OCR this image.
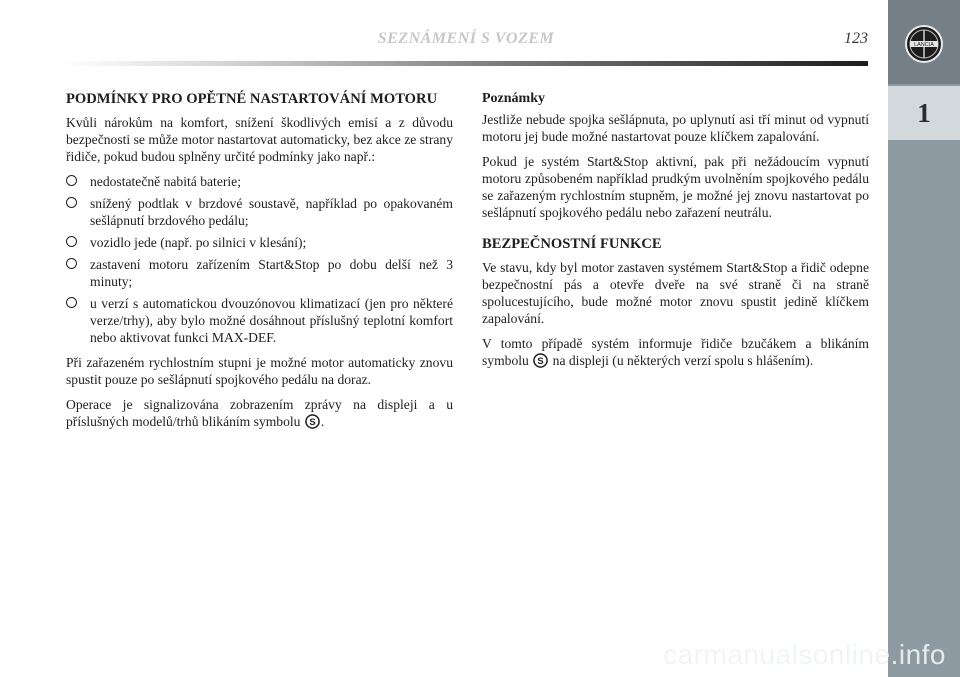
SEZNÁMENÍ S VOZEM	123	LANCIA
1
PODMÍNKY PRO OPĚTNÉ NASTARTOVÁNÍ MOTORU

Kvůli nárokům na komfort, snížení škodlivých emisí a z důvodu bezpečnosti se může motor nastartovat automaticky, bez akce ze strany řidiče, pokud budou splněny určité podmínky jako např.:

nedostatečně nabitá baterie;
snížený podtlak v brzdové soustavě, například po opakovaném sešlápnutí brzdového pedálu;
vozidlo jede (např. po silnici v klesání);
zastavení motoru zařízením Start&Stop po dobu delší než 3 minuty;
u verzí s automatickou dvouzónovou klimatizací (jen pro některé verze/trhy), aby bylo možné dosáhnout příslušný teplotní komfort nebo aktivovat funkci MAX-DEF.

Při zařazeném rychlostním stupni je možné motor automaticky znovu spustit pouze po sešlápnutí spojkového pedálu na doraz.

Operace je signalizována zobrazením zprávy na displeji a u příslušných modelů/trhů blikáním symbolu S .

Poznámky

Jestliže nebude spojka sešlápnuta, po uplynutí asi tří minut od vypnutí motoru jej bude možné nastartovat pouze klíčkem zapalování.

Pokud je systém Start&Stop aktivní, pak při nežádoucím vypnutí motoru způsobeném například prudkým uvolněním spojkového pedálu se zařazeným rychlostním stupněm, je možné jej znovu nastartovat po sešlápnutí spojkového pedálu nebo zařazení neutrálu.

BEZPEČNOSTNÍ FUNKCE

Ve stavu, kdy byl motor zastaven systémem Start&Stop a řidič odepne bezpečnostní pás a otevře dveře na své straně či na straně spolucestujícího, bude možné motor znovu spustit jedině klíčkem zapalování.

V tomto případě systém informuje řidiče bzučákem a blikáním symbolu S na displeji (u některých verzí spolu s hlášením).

carmanualsonline.info
